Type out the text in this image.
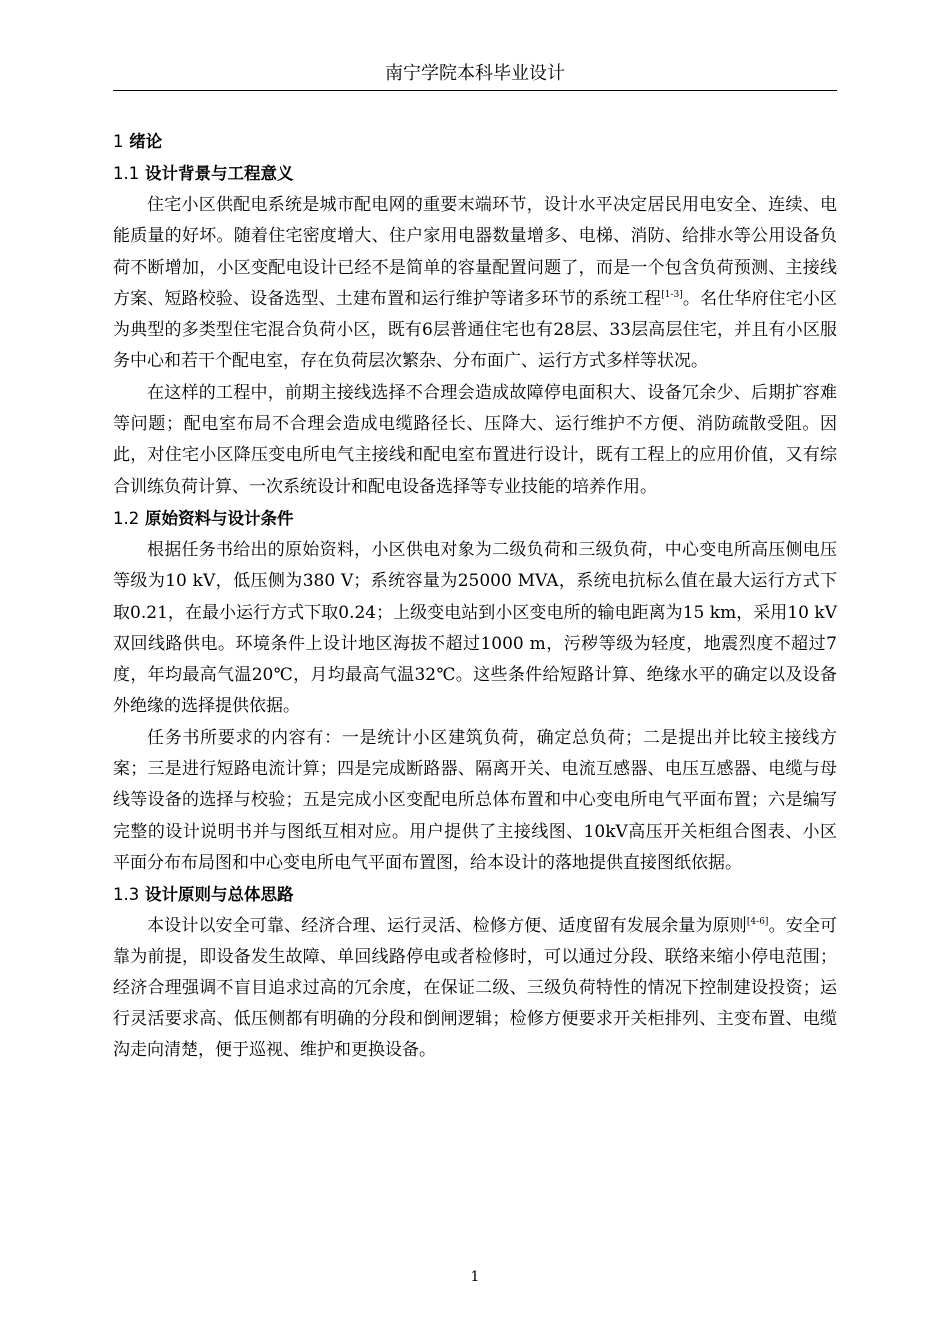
南宁学院本科毕业设计
1 绪论
1.1 设计背景与工程意义

住宅小区供配电系统是城市配电网的重要末端环节，设计水平决定居民用电安全、连续、电能质量的好坏。随着住宅密度增大、住户家用电器数量增多、电梯、消防、给排水等公用设备负荷不断增加，小区变配电设计已经不是简单的容量配置问题了，而是一个包含负荷预测、主接线方案、短路校验、设备选型、土建布置和运行维护等诸多环节的系统工程[1-3]。名仕华府住宅小区为典型的多类型住宅混合负荷小区，既有6层普通住宅也有28层、33层高层住宅，并且有小区服务中心和若干个配电室，存在负荷层次繁杂、分布面广、运行方式多样等状况。

在这样的工程中，前期主接线选择不合理会造成故障停电面积大、设备冗余少、后期扩容难等问题；配电室布局不合理会造成电缆路径长、压降大、运行维护不方便、消防疏散受阻。因此，对住宅小区降压变电所电气主接线和配电室布置进行设计，既有工程上的应用价值，又有综合训练负荷计算、一次系统设计和配电设备选择等专业技能的培养作用。

1.2 原始资料与设计条件

根据任务书给出的原始资料，小区供电对象为二级负荷和三级负荷，中心变电所高压侧电压等级为10 kV，低压侧为380 V；系统容量为25000 MVA，系统电抗标么值在最大运行方式下取0.21，在最小运行方式下取0.24；上级变电站到小区变电所的输电距离为15 km，采用10 kV双回线路供电。环境条件上设计地区海拔不超过1000 m，污秽等级为轻度，地震烈度不超过7度，年均最高气温20℃，月均最高气温32℃。这些条件给短路计算、绝缘水平的确定以及设备外绝缘的选择提供依据。

任务书所要求的内容有：一是统计小区建筑负荷，确定总负荷；二是提出并比较主接线方案；三是进行短路电流计算；四是完成断路器、隔离开关、电流互感器、电压互感器、电缆与母线等设备的选择与校验；五是完成小区变配电所总体布置和中心变电所电气平面布置；六是编写完整的设计说明书并与图纸互相对应。用户提供了主接线图、10kV高压开关柜组合图表、小区平面分布布局图和中心变电所电气平面布置图，给本设计的落地提供直接图纸依据。

1.3 设计原则与总体思路

本设计以安全可靠、经济合理、运行灵活、检修方便、适度留有发展余量为原则[4-6]。安全可靠为前提，即设备发生故障、单回线路停电或者检修时，可以通过分段、联络来缩小停电范围；经济合理强调不盲目追求过高的冗余度，在保证二级、三级负荷特性的情况下控制建设投资；运行灵活要求高、低压侧都有明确的分段和倒闸逻辑；检修方便要求开关柜排列、主变布置、电缆沟走向清楚，便于巡视、维护和更换设备。

1
